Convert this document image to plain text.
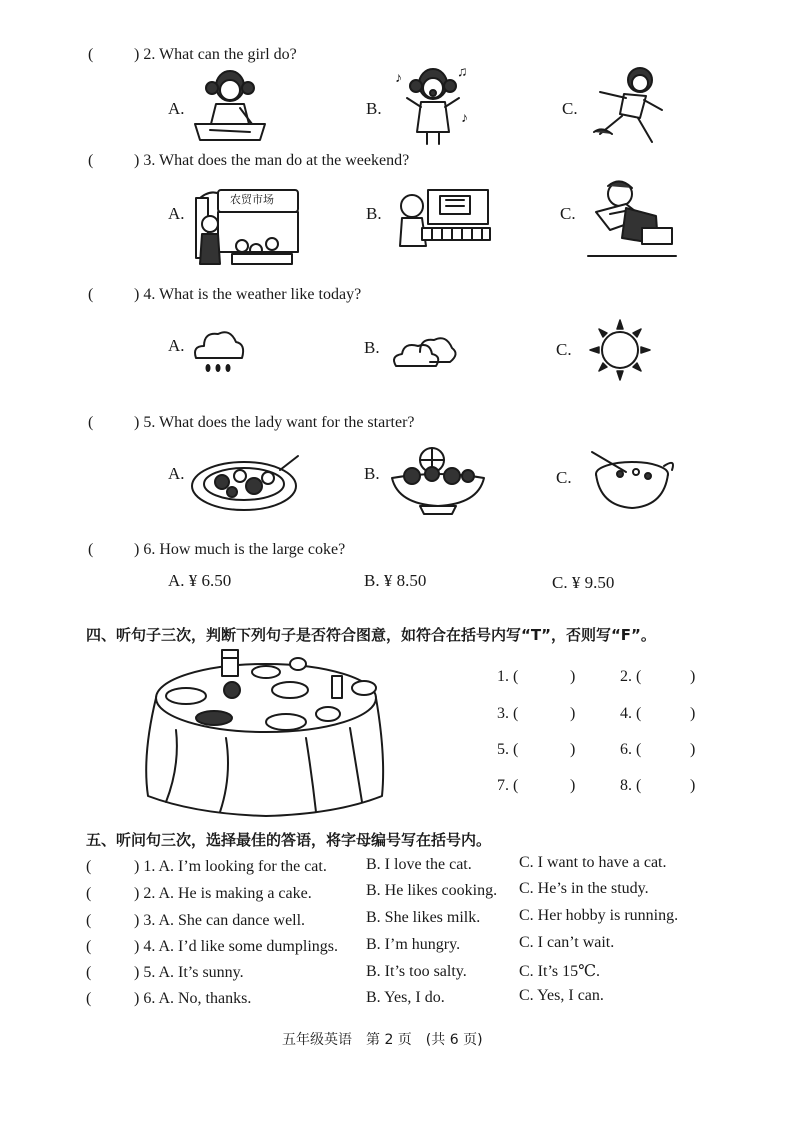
(	) 2. What can the girl do?
A.	B.	C.
♪	♫
♪
(	) 3. What does the man do at the weekend?
A.	B.	C.
农贸市场
(	) 4. What is the weather like today?
A.	B.	C.
(	) 5. What does the lady want for the starter?
A.	B.	C.
(	) 6. How much is the large coke?
A. ¥ 6.50	B. ¥ 8.50	C. ¥ 9.50
四、听句子三次，判断下列句子是否符合图意，如符合在括号内写“T”，否则写“F”。
1. (	)	2. (	)
3. (	)	4. (	)
5. (	)	6. (	)
7. (	)	8. (	)
五、听问句三次，选择最佳的答语，将字母编号写在括号内。
(	) 1. A. I’m looking for the cat. B. I love the cat.	C. I want to have a cat.
(	) 2. A. He is making a cake.	B. He likes cooking. C. He’s in the study.
(	) 3. A. She can dance well.	B. She likes milk. C. Her hobby is running.
(	) 4. A. I’d like some dumplings. B. I’m hungry.	C. I can’t wait.
(	) 5. A. It’s sunny.	B. It’s too salty.	C. It’s 15℃.
(	) 6. A. No, thanks.	B. Yes, I do.	C. Yes, I can.
五年级英语　第 2 页　(共 6 页)
